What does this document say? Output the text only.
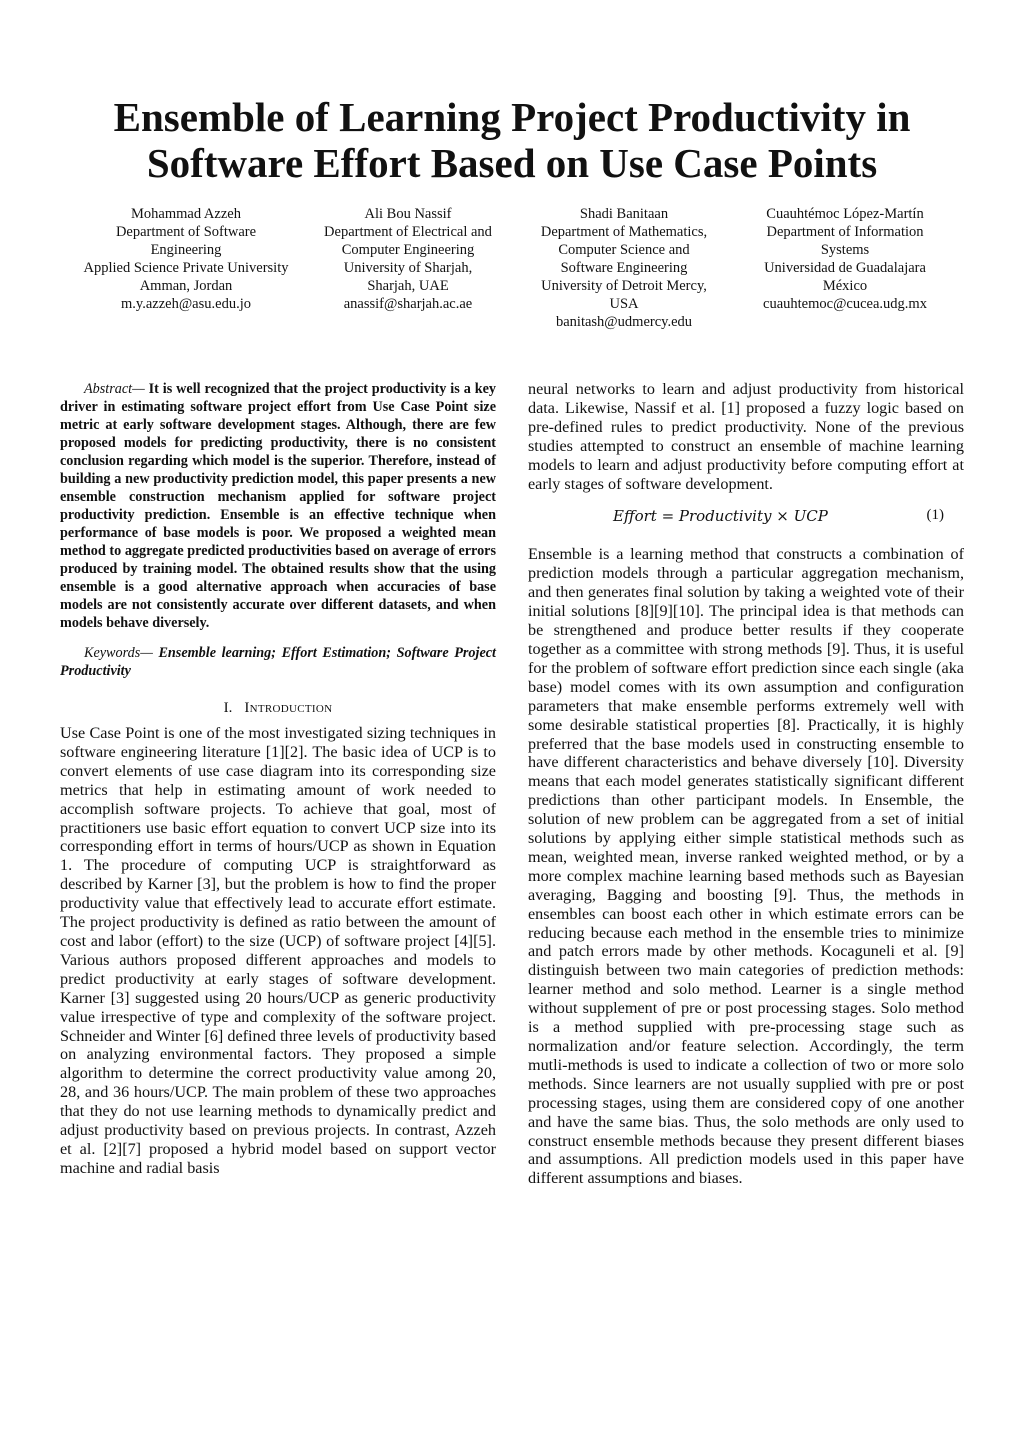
Ensemble of Learning Project Productivity in
Software Effort Based on Use Case Points
Mohammad Azzeh
Department of Software
Engineering
Applied Science Private University
Amman, Jordan
m.y.azzeh@asu.edu.jo
Ali Bou Nassif
Department of Electrical and
Computer Engineering
University of Sharjah,
Sharjah, UAE
anassif@sharjah.ac.ae
Shadi Banitaan
Department of Mathematics,
Computer Science and
Software Engineering
University of Detroit Mercy,
USA
banitash@udmercy.edu
Cuauhtémoc López-Martín
Department of Information
Systems
Universidad de Guadalajara
México
cuauhtemoc@cucea.udg.mx

Abstract— It is well recognized that the project productivity is a key driver in estimating software project effort from Use Case Point size metric at early software development stages. Although, there are few proposed models for predicting productivity, there is no consistent conclusion regarding which model is the superior. Therefore, instead of building a new productivity prediction model, this paper presents a new ensemble construction mechanism applied for software project productivity prediction. Ensemble is an effective technique when performance of base models is poor. We proposed a weighted mean method to aggregate predicted productivities based on average of errors produced by training model. The obtained results show that the using ensemble is a good alternative approach when accuracies of base models are not consistently accurate over different datasets, and when models behave diversely.

Keywords— Ensemble learning; Effort Estimation; Software Project Productivity

I. Introduction

Use Case Point is one of the most investigated sizing techniques in software engineering literature [1][2]. The basic idea of UCP is to convert elements of use case diagram into its corresponding size metrics that help in estimating amount of work needed to accomplish software projects. To achieve that goal, most of practitioners use basic effort equation to convert UCP size into its corresponding effort in terms of hours/UCP as shown in Equation 1. The procedure of computing UCP is straightforward as described by Karner [3], but the problem is how to find the proper productivity value that effectively lead to accurate effort estimate. The project productivity is defined as ratio between the amount of cost and labor (effort) to the size (UCP) of software project [4][5]. Various authors proposed different approaches and models to predict productivity at early stages of software development. Karner [3] suggested using 20 hours/UCP as generic productivity value irrespective of type and complexity of the software project. Schneider and Winter [6] defined three levels of productivity based on analyzing environmental factors. They proposed a simple algorithm to determine the correct productivity value among 20, 28, and 36 hours/UCP. The main problem of these two approaches that they do not use learning methods to dynamically predict and adjust productivity based on previous projects. In contrast, Azzeh et al. [2][7] proposed a hybrid model based on support vector machine and radial basis

neural networks to learn and adjust productivity from historical data. Likewise, Nassif et al. [1] proposed a fuzzy logic based on pre-defined rules to predict productivity. None of the previous studies attempted to construct an ensemble of machine learning models to learn and adjust productivity before computing effort at early stages of software development.

Effort = Productivity × UCP	(1)

Ensemble is a learning method that constructs a combination of prediction models through a particular aggregation mechanism, and then generates final solution by taking a weighted vote of their initial solutions [8][9][10]. The principal idea is that methods can be strengthened and produce better results if they cooperate together as a committee with strong methods [9]. Thus, it is useful for the problem of software effort prediction since each single (aka base) model comes with its own assumption and configuration parameters that make ensemble performs extremely well with some desirable statistical properties [8]. Practically, it is highly preferred that the base models used in constructing ensemble to have different characteristics and behave diversely [10]. Diversity means that each model generates statistically significant different predictions than other participant models. In Ensemble, the solution of new problem can be aggregated from a set of initial solutions by applying either simple statistical methods such as mean, weighted mean, inverse ranked weighted method, or by a more complex machine learning based methods such as Bayesian averaging, Bagging and boosting [9]. Thus, the methods in ensembles can boost each other in which estimate errors can be reducing because each method in the ensemble tries to minimize and patch errors made by other methods. Kocaguneli et al. [9] distinguish between two main categories of prediction methods: learner method and solo method. Learner is a single method without supplement of pre or post processing stages. Solo method is a method supplied with pre-processing stage such as normalization and/or feature selection. Accordingly, the term mutli-methods is used to indicate a collection of two or more solo methods. Since learners are not usually supplied with pre or post processing stages, using them are considered copy of one another and have the same bias. Thus, the solo methods are only used to construct ensemble methods because they present different biases and assumptions. All prediction models used in this paper have different assumptions and biases.
